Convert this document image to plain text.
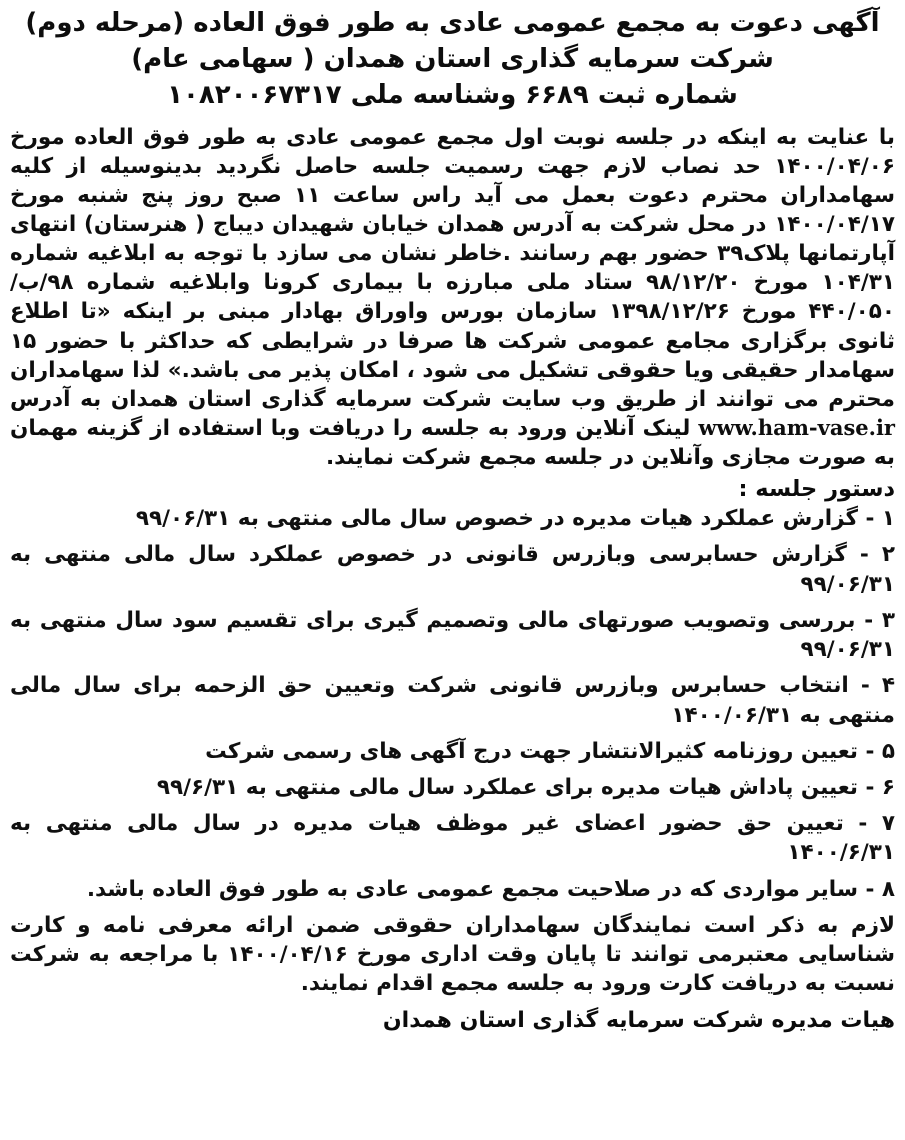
آگهی دعوت به مجمع عمومی عادی به طور فوق العاده (مرحله دوم)
شرکت سرمایه گذاری استان همدان ( سهامی عام)
شماره ثبت ۶۶۸۹ وشناسه ملی ۱۰۸۲۰۰۶۷۳۱۷

با عنایت به اینکه در جلسه نوبت اول مجمع عمومی عادی به طور فوق العاده مورخ ۱۴۰۰/۰۴/۰۶ حد نصاب لازم جهت رسمیت جلسه حاصل نگردید بدینوسیله از کلیه سهامداران محترم دعوت بعمل می آید راس ساعت ۱۱ صبح روز پنج شنبه مورخ ۱۴۰۰/۰۴/۱۷ در محل شرکت به آدرس همدان خیابان شهیدان دیباج ( هنرستان) انتهای آپارتمانها پلاک۳۹ حضور بهم رسانند .خاطر نشان می سازد با توجه به ابلاغیه شماره ۱۰۴/۳۱ مورخ ۹۸/۱۲/۲۰ ستاد ملی مبارزه با بیماری کرونا وابلاغیه شماره ۹۸/ب/۴۴۰/۰۵۰ مورخ ۱۳۹۸/۱۲/۲۶ سازمان بورس واوراق بهادار مبنی بر اینکه «تا اطلاع ثانوی برگزاری مجامع عمومی شرکت ها صرفا در شرایطی که حداکثر با حضور ۱۵ سهامدار حقیقی ویا حقوقی تشکیل می شود ، امکان پذیر می باشد.» لذا سهامداران محترم می توانند از طریق وب سایت شرکت سرمایه گذاری استان همدان به آدرس www.ham-vase.ir لینک آنلاین ورود به جلسه را دریافت وبا استفاده از گزینه مهمان به صورت مجازی وآنلاین در جلسه مجمع شرکت نمایند.

دستور جلسه :
۱ - گزارش عملکرد هیات مدیره در خصوص سال مالی منتهی به ۹۹/۰۶/۳۱
۲ - گزارش حسابرسی وبازرس قانونی در خصوص عملکرد سال مالی منتهی به ۹۹/۰۶/۳۱
۳ - بررسی وتصویب صورتهای مالی وتصمیم گیری برای تقسیم سود سال منتهی به ۹۹/۰۶/۳۱
۴ - انتخاب حسابرس وبازرس قانونی شرکت وتعیین حق الزحمه برای سال مالی منتهی به ۱۴۰۰/۰۶/۳۱
۵ - تعیین روزنامه کثیرالانتشار جهت درج آگهی های رسمی شرکت
۶ - تعیین پاداش هیات مدیره برای عملکرد سال مالی منتهی به ۹۹/۶/۳۱
۷ - تعیین حق حضور اعضای غیر موظف هیات مدیره در سال مالی منتهی به ۱۴۰۰/۶/۳۱
۸ - سایر مواردی که در صلاحیت مجمع عمومی عادی به طور فوق العاده باشد.

لازم به ذکر است نمایندگان سهامداران حقوقی ضمن ارائه معرفی نامه و کارت شناسایی معتبرمی توانند تا پایان وقت اداری مورخ ۱۴۰۰/۰۴/۱۶ با مراجعه به شرکت نسبت به دریافت کارت ورود به جلسه مجمع اقدام نمایند.

هیات مدیره شرکت سرمایه گذاری استان همدان
